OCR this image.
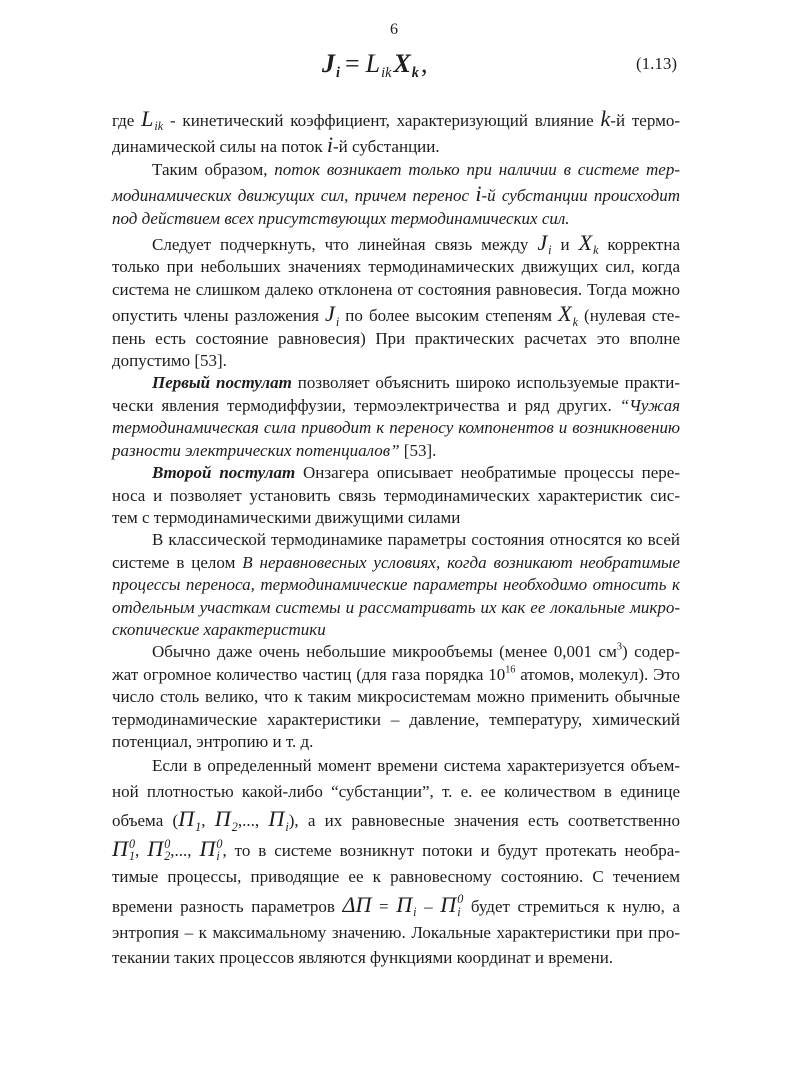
6
$J_i = L_{ik}X_k$,	(1.13)
где $L_{ik}$ - кинетический коэффициент, характеризующий влияние k-й термо-
динамической силы на поток i-й субстанции.
Таким образом, поток возникает только при наличии в системе тер-
модинамических движущих сил, причем перенос i-й субстанции происходит
под действием всех присутствующих термодинамических сил.
Следует подчеркнуть, что линейная связь между $J_i$ и $X_k$ корректна
только при небольших значениях термодинамических движущих сил, когда
система не слишком далеко отклонена от состояния равновесия. Тогда можно
опустить члены разложения $J_i$ по более высоким степеням $X_k$ (нулевая сте-
пень есть состояние равновесия) При практических расчетах это вполне
допустимо [53].
Первый постулат позволяет объяснить широко используемые практи-
чески явления термодиффузии, термоэлектричества и ряд других. “Чужая
термодинамическая сила приводит к переносу компонентов и возникновению
разности электрических потенциалов” [53].
Второй постулат Онзагера описывает необратимые процессы пере-
носа и позволяет установить связь термодинамических характеристик сис-
тем с термодинамическими движущими силами
В классической термодинамике параметры состояния относятся ко всей
системе в целом В неравновесных условиях, когда возникают необратимые
процессы переноса, термодинамические параметры необходимо относить к
отдельным участкам системы и рассматривать их как ее локальные микро-
скопические характеристики
Обычно даже очень небольшие микрообъемы (менее 0,001 $см^3$) содер-
жат огромное количество частиц (для газа порядка $10^{16}$ атомов, молекул). Это
число столь велико, что к таким микросистемам можно применить обычные
термодинамические характеристики – давление, температуру, химический
потенциал, энтропию и т. д.
Если в определенный момент времени система характеризуется объем-
ной плотностью какой-либо “субстанции”, т. е. ее количеством в единице
объема ($П_1$, $П_2$,..., $П_i$), а их равновесные значения есть соответственно
П 0
1 , П 0
2 ,..., П 0
i , то в системе возникнут потоки и будут протекать необра-
тимые процессы, приводящие ее к равновесному состоянию. С течением
времени разность параметров $\Delta П = П_i - П$ 0
i будет стремиться к нулю, а
энтропия – к максимальному значению. Локальные характеристики при про-
текании таких процессов являются функциями координат и времени.
